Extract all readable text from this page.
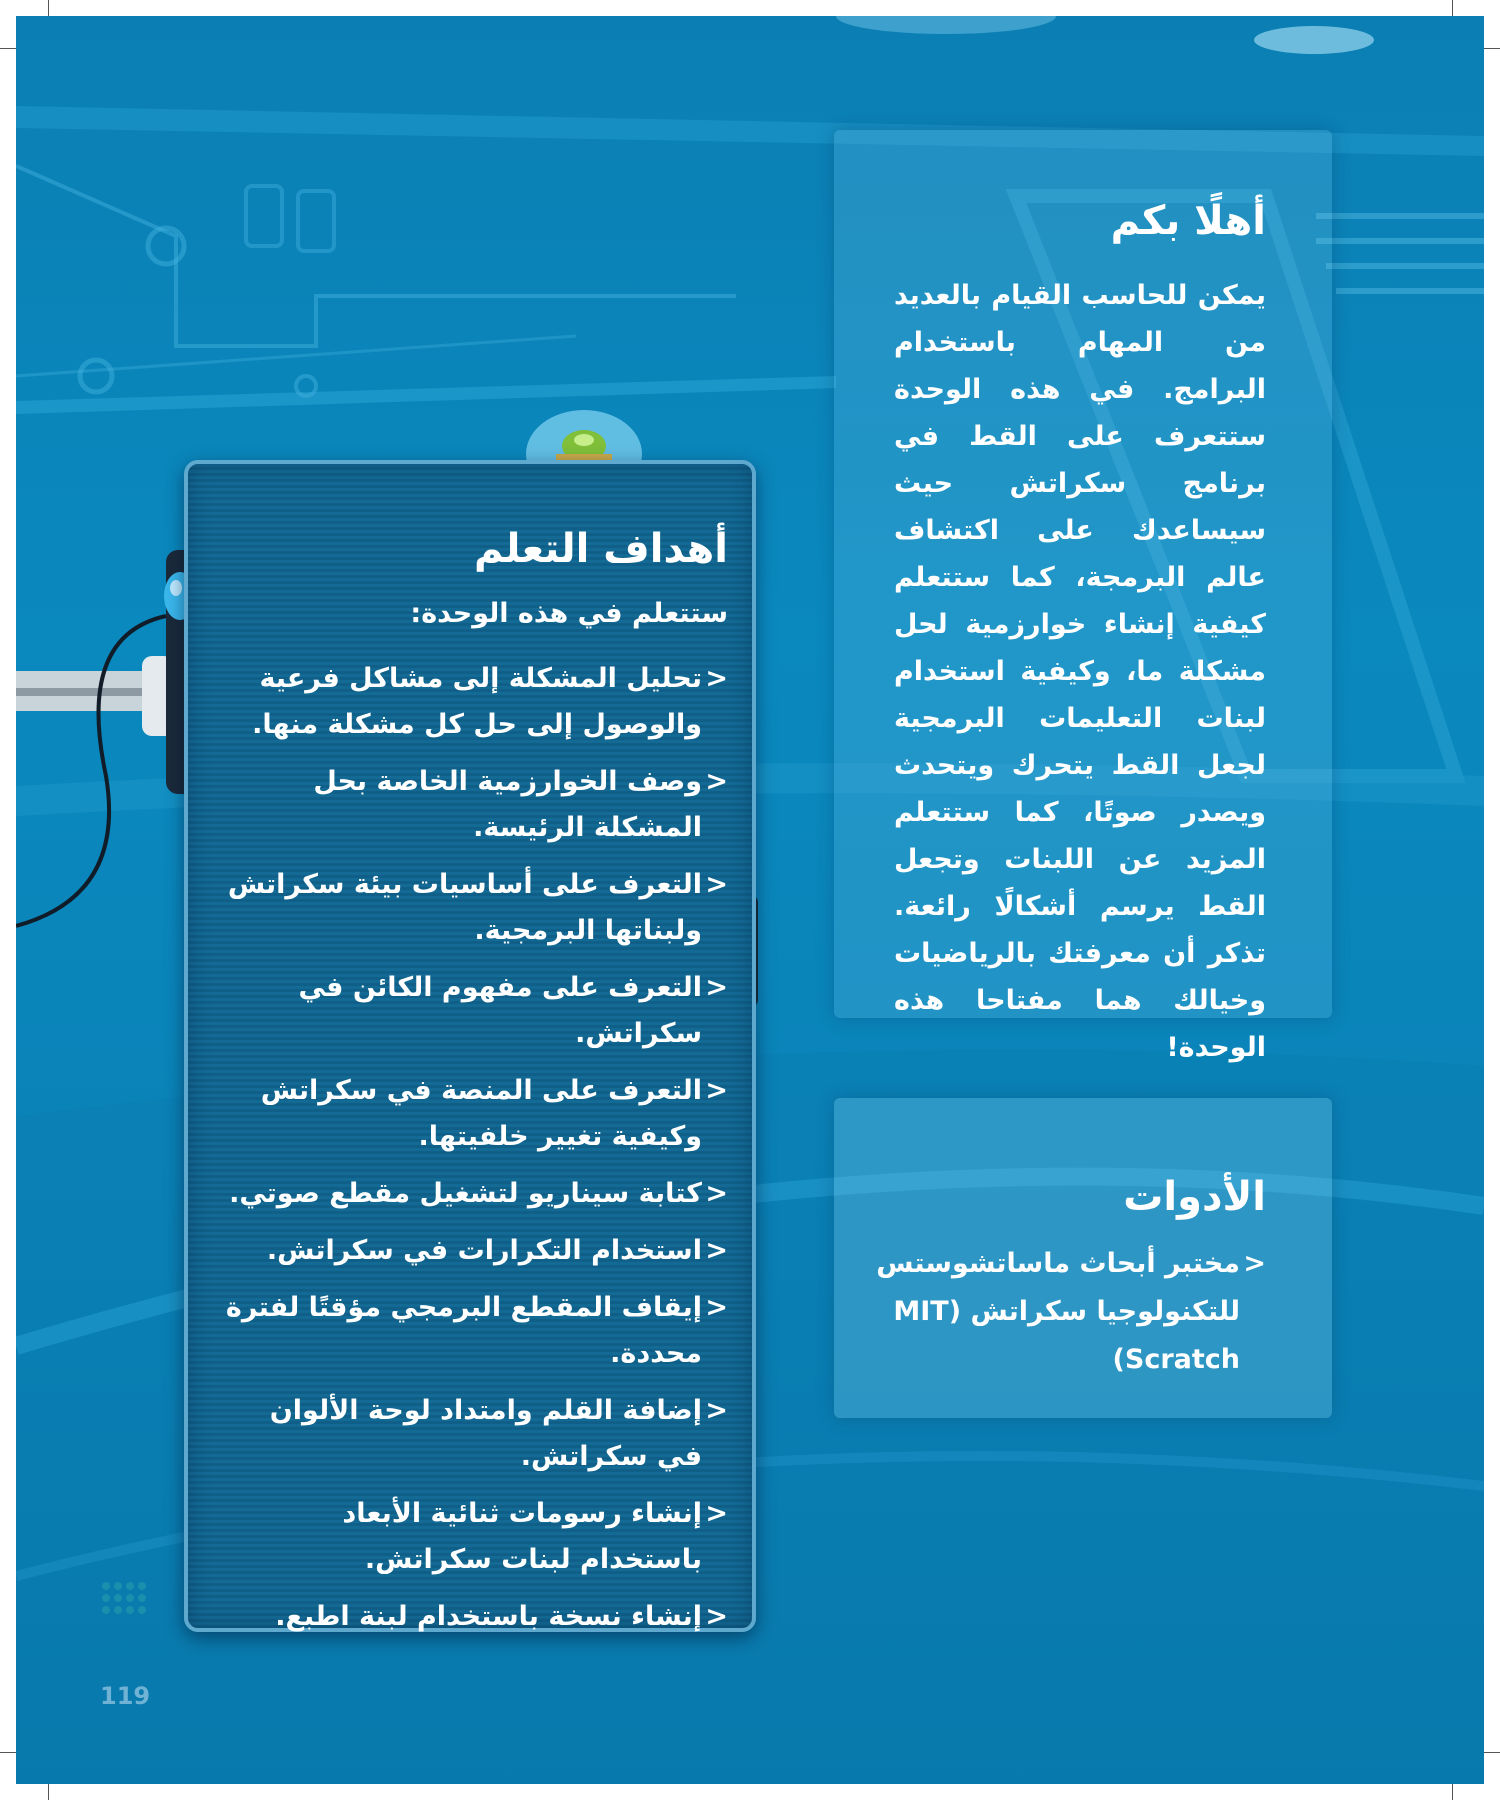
أهلًا بكم
يمكن للحاسب القيام بالعديد من المهام باستخدام البرامج. في هذه الوحدة ستتعرف على القط في برنامج سكراتش حيث سيساعدك على اكتشاف عالم البرمجة، كما ستتعلم كيفية إنشاء خوارزمية لحل مشكلة ما، وكيفية استخدام لبنات التعليمات البرمجية لجعل القط يتحرك ويتحدث ويصدر صوتًا، كما ستتعلم المزيد عن اللبنات وتجعل القط يرسم أشكالًا رائعة. تذكر أن معرفتك بالرياضيات وخيالك هما مفتاحا هذه الوحدة!
الأدوات
<
مختبر أبحاث ماساتشوستس للتكنولوجيا سكراتش (MIT Scratch)
أهداف التعلم
ستتعلم في هذه الوحدة:
<
تحليل المشكلة إلى مشاكل فرعية والوصول إلى حل كل مشكلة منها.
<
وصف الخوارزمية الخاصة بحل المشكلة الرئيسة.
<
التعرف على أساسيات بيئة سكراتش ولبناتها البرمجية.
<
التعرف على مفهوم الكائن في سكراتش.
<
التعرف على المنصة في سكراتش وكيفية تغيير خلفيتها.
<
كتابة سيناريو لتشغيل مقطع صوتي.
<
استخدام التكرارات في سكراتش.
<
إيقاف المقطع البرمجي مؤقتًا لفترة محددة.
<
إضافة القلم وامتداد لوحة الألوان في سكراتش.
<
إنشاء رسومات ثنائية الأبعاد باستخدام لبنات سكراتش.
<
إنشاء نسخة باستخدام لبنة اطبع.
119
